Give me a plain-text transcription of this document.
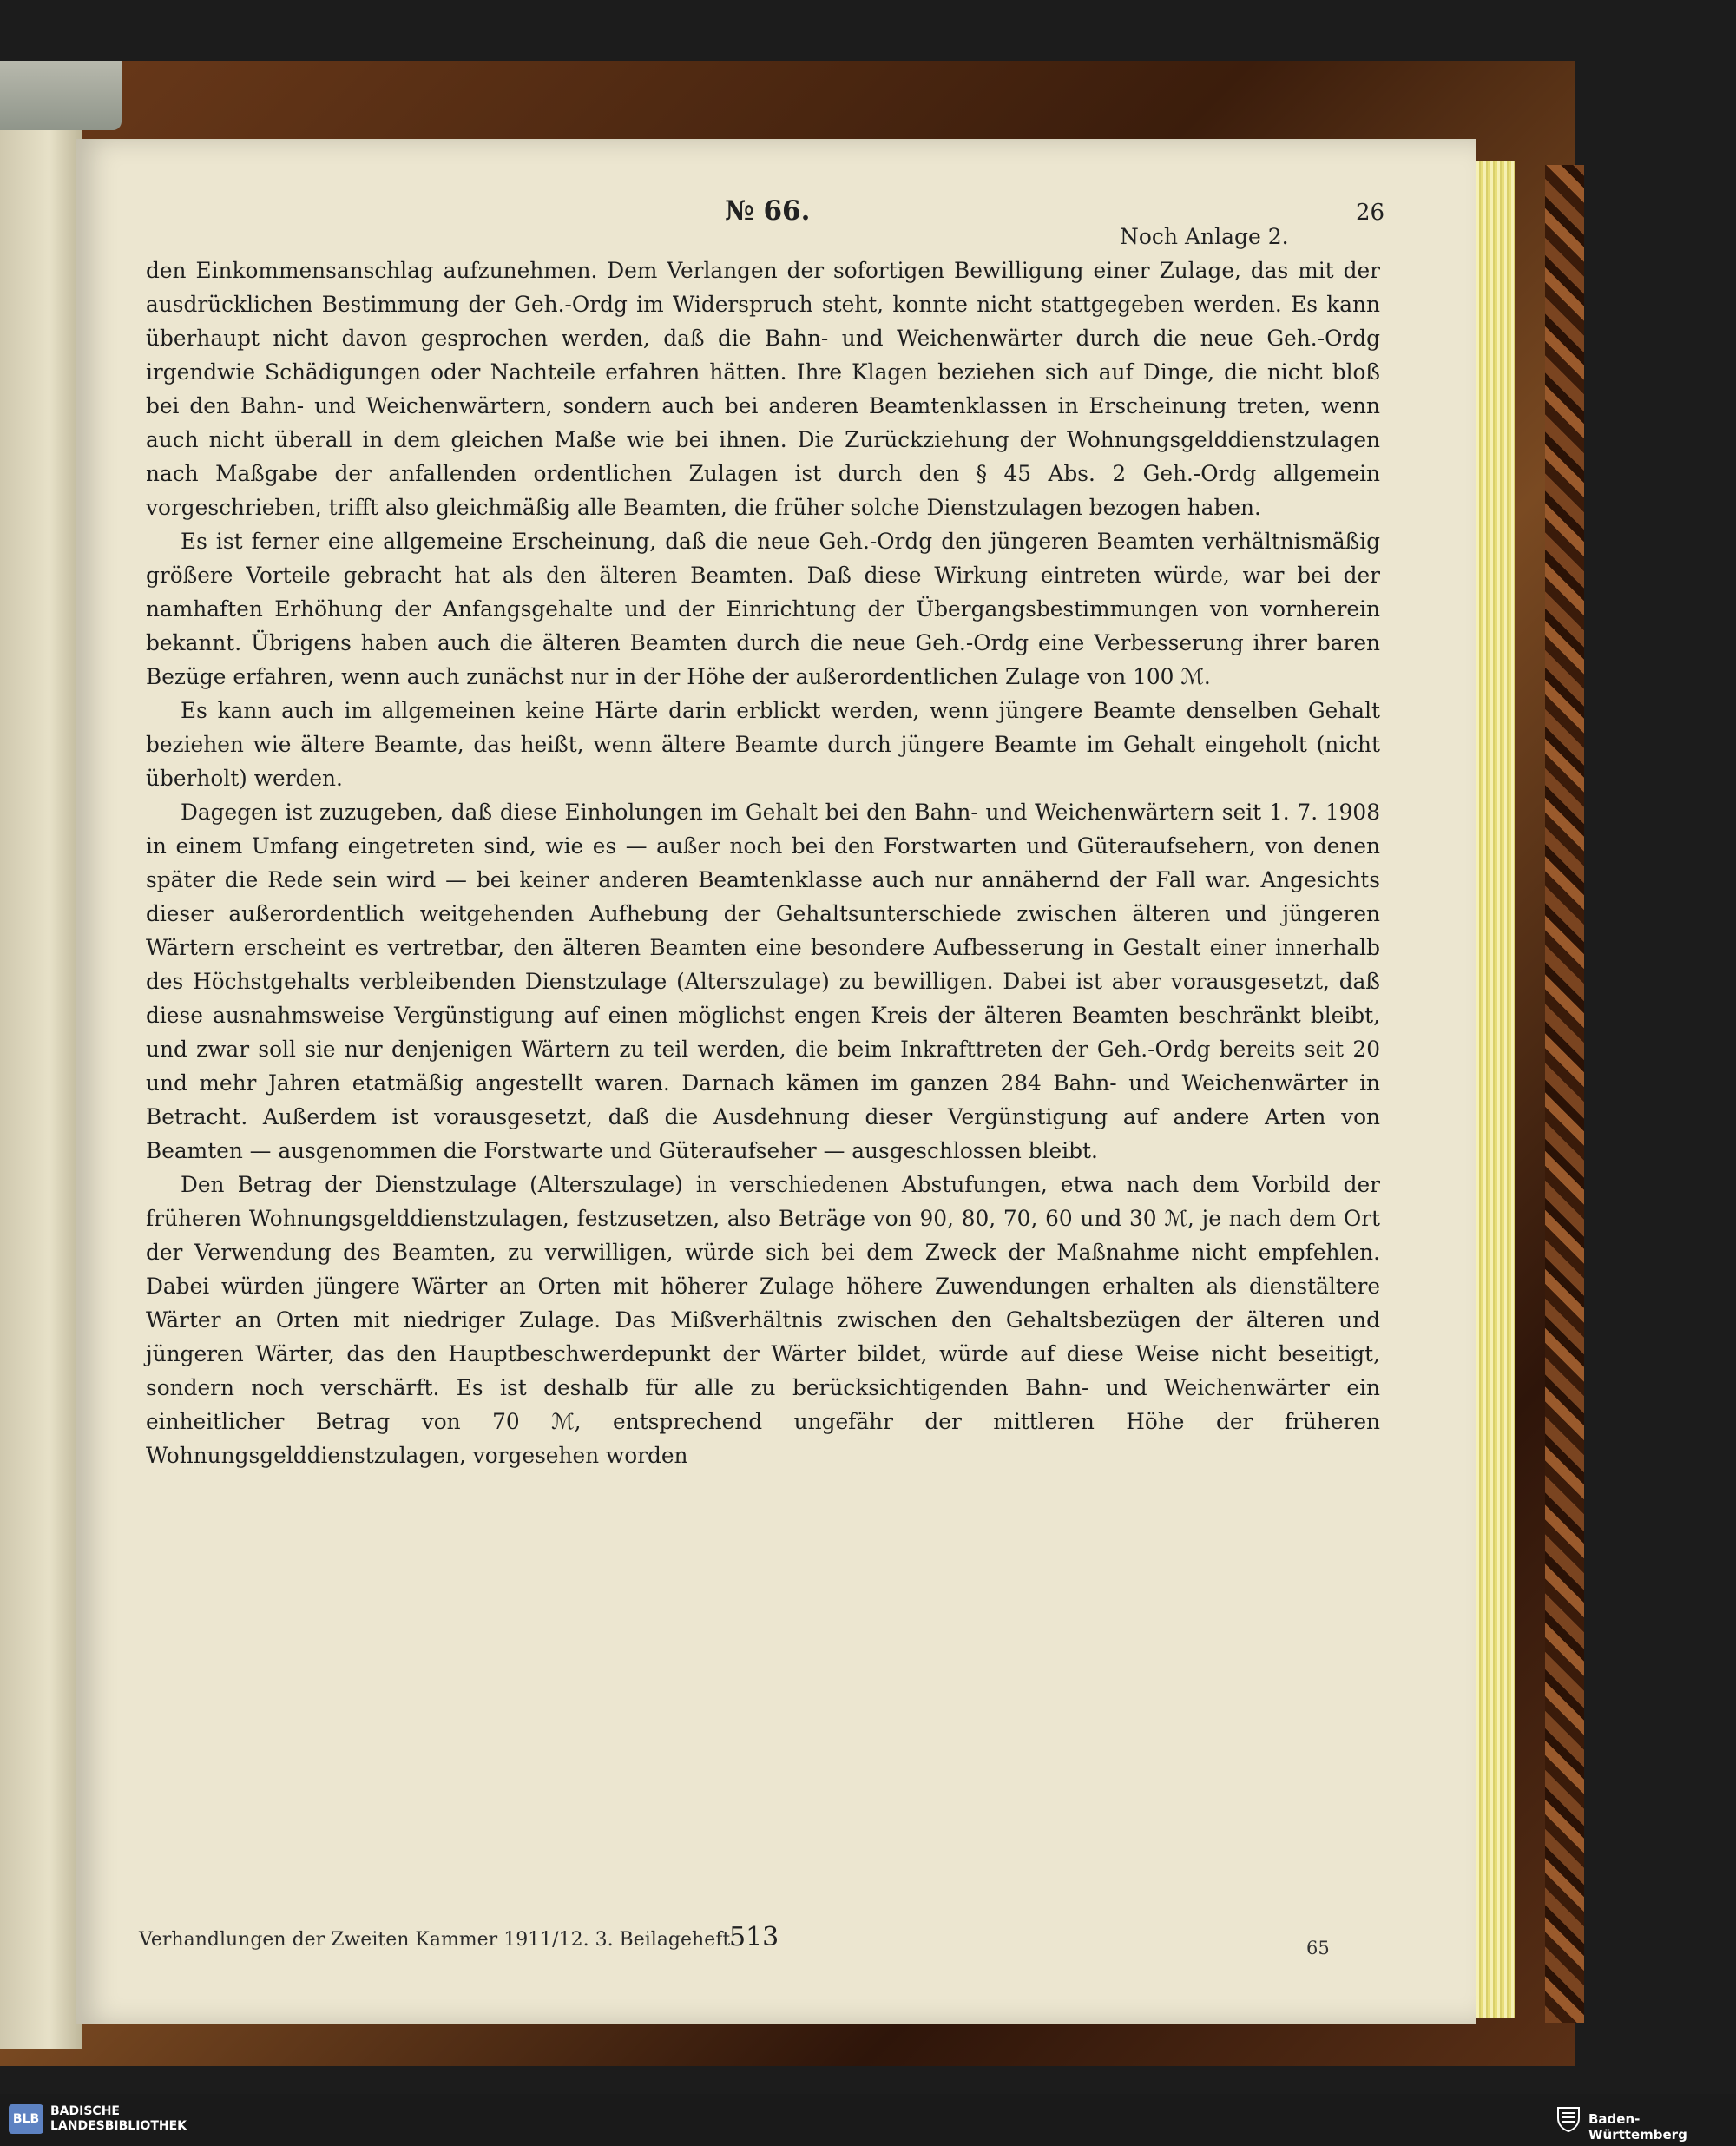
№ 66.	26
Noch Anlage 2.

den Einkommensanschlag aufzunehmen. Dem Verlangen der sofortigen Bewilligung einer Zulage, das mit der ausdrücklichen Bestimmung der Geh.-Ordg im Widerspruch steht, konnte nicht stattgegeben werden. Es kann überhaupt nicht davon gesprochen werden, daß die Bahn- und Weichenwärter durch die neue Geh.-Ordg irgendwie Schädigungen oder Nachteile erfahren hätten. Ihre Klagen beziehen sich auf Dinge, die nicht bloß bei den Bahn- und Weichenwärtern, sondern auch bei anderen Beamtenklassen in Erscheinung treten, wenn auch nicht überall in dem gleichen Maße wie bei ihnen. Die Zurückziehung der Wohnungsgelddienstzulagen nach Maßgabe der anfallenden ordentlichen Zulagen ist durch den § 45 Abs. 2 Geh.-Ordg allgemein vorgeschrieben, trifft also gleichmäßig alle Beamten, die früher solche Dienstzulagen bezogen haben.

Es ist ferner eine allgemeine Erscheinung, daß die neue Geh.-Ordg den jüngeren Beamten verhältnismäßig größere Vorteile gebracht hat als den älteren Beamten. Daß diese Wirkung eintreten würde, war bei der namhaften Erhöhung der Anfangsgehalte und der Einrichtung der Übergangsbestimmungen von vornherein bekannt. Übrigens haben auch die älteren Beamten durch die neue Geh.-Ordg eine Verbesserung ihrer baren Bezüge erfahren, wenn auch zunächst nur in der Höhe der außerordentlichen Zulage von 100 ℳ.

Es kann auch im allgemeinen keine Härte darin erblickt werden, wenn jüngere Beamte denselben Gehalt beziehen wie ältere Beamte, das heißt, wenn ältere Beamte durch jüngere Beamte im Gehalt eingeholt (nicht überholt) werden.

Dagegen ist zuzugeben, daß diese Einholungen im Gehalt bei den Bahn- und Weichenwärtern seit 1. 7. 1908 in einem Umfang eingetreten sind, wie es — außer noch bei den Forstwarten und Güteraufsehern, von denen später die Rede sein wird — bei keiner anderen Beamtenklasse auch nur annähernd der Fall war. Angesichts dieser außerordentlich weitgehenden Aufhebung der Gehaltsunterschiede zwischen älteren und jüngeren Wärtern erscheint es vertretbar, den älteren Beamten eine besondere Aufbesserung in Gestalt einer innerhalb des Höchstgehalts verbleibenden Dienstzulage (Alterszulage) zu bewilligen. Dabei ist aber vorausgesetzt, daß diese ausnahmsweise Vergünstigung auf einen möglichst engen Kreis der älteren Beamten beschränkt bleibt, und zwar soll sie nur denjenigen Wärtern zu teil werden, die beim Inkrafttreten der Geh.-Ordg bereits seit 20 und mehr Jahren etatmäßig angestellt waren. Darnach kämen im ganzen 284 Bahn- und Weichenwärter in Betracht. Außerdem ist vorausgesetzt, daß die Ausdehnung dieser Vergünstigung auf andere Arten von Beamten — ausgenommen die Forstwarte und Güteraufseher — ausgeschlossen bleibt.

Den Betrag der Dienstzulage (Alterszulage) in verschiedenen Abstufungen, etwa nach dem Vorbild der früheren Wohnungsgelddienstzulagen, festzusetzen, also Beträge von 90, 80, 70, 60 und 30 ℳ, je nach dem Ort der Verwendung des Beamten, zu verwilligen, würde sich bei dem Zweck der Maßnahme nicht empfehlen. Dabei würden jüngere Wärter an Orten mit höherer Zulage höhere Zuwendungen erhalten als dienstältere Wärter an Orten mit niedriger Zulage. Das Mißverhältnis zwischen den Gehaltsbezügen der älteren und jüngeren Wärter, das den Hauptbeschwerdepunkt der Wärter bildet, würde auf diese Weise nicht beseitigt, sondern noch verschärft. Es ist deshalb für alle zu berücksichtigenden Bahn- und Weichenwärter ein einheitlicher Betrag von 70 ℳ, entsprechend ungefähr der mittleren Höhe der früheren Wohnungsgelddienstzulagen, vorgesehen worden

Verhandlungen der Zweiten Kammer 1911/12. 3. Beilageheft.
513	65
BLB
BADISCHE
LANDESBIBLIOTHEK	Baden-Württemberg
